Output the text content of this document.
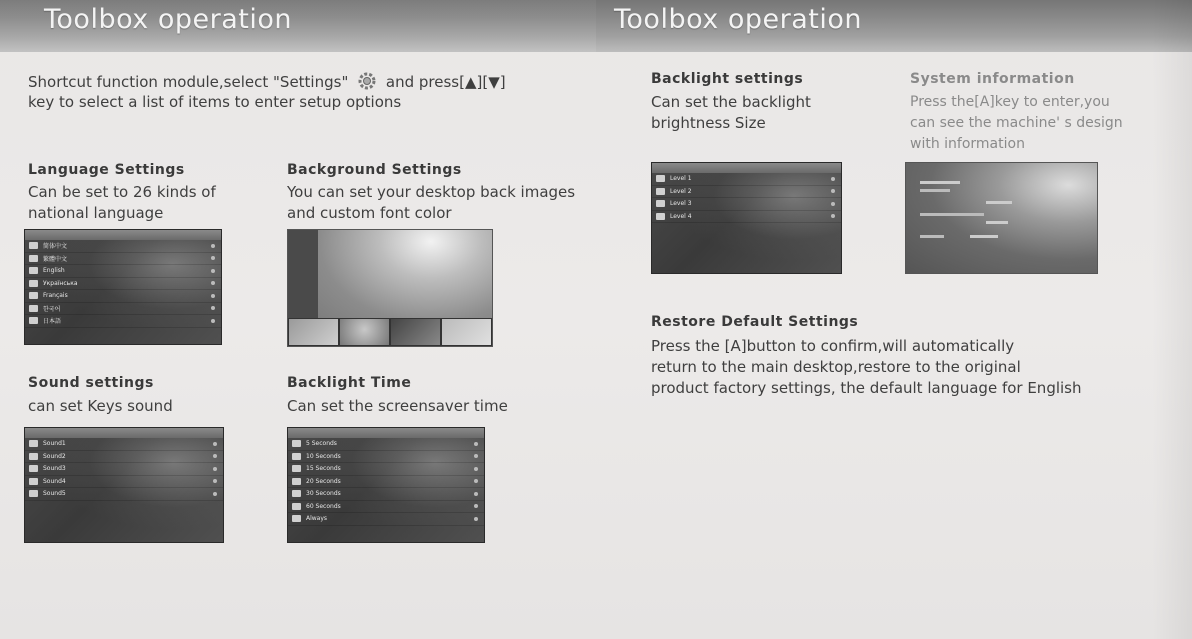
Toolbox operation	Toolbox operation
Shortcut function module,select "Settings"	and press[▲][▼]
key to select a list of items to enter setup options
Language Settings
Can be set to 26 kinds of
national language
简体中文
繁體中文
English
Українська
Français
한국어
日本語
Background Settings
You can set your desktop back images
and custom font color
Sound settings
can set Keys sound
Sound1
Sound2
Sound3
Sound4
Sound5
Backlight Time
Can set the screensaver time
5 Seconds
10 Seconds
15 Seconds
20 Seconds
30 Seconds
60 Seconds
Always
Backlight settings
Can set the backlight
brightness Size
Level 1
Level 2
Level 3
Level 4
System information
Press the[A]key to enter,you
can see the machine' s design
with information
Restore Default Settings
Press the [A]button to confirm,will automatically
return to the main desktop,restore to the original
product factory settings, the default language for English
